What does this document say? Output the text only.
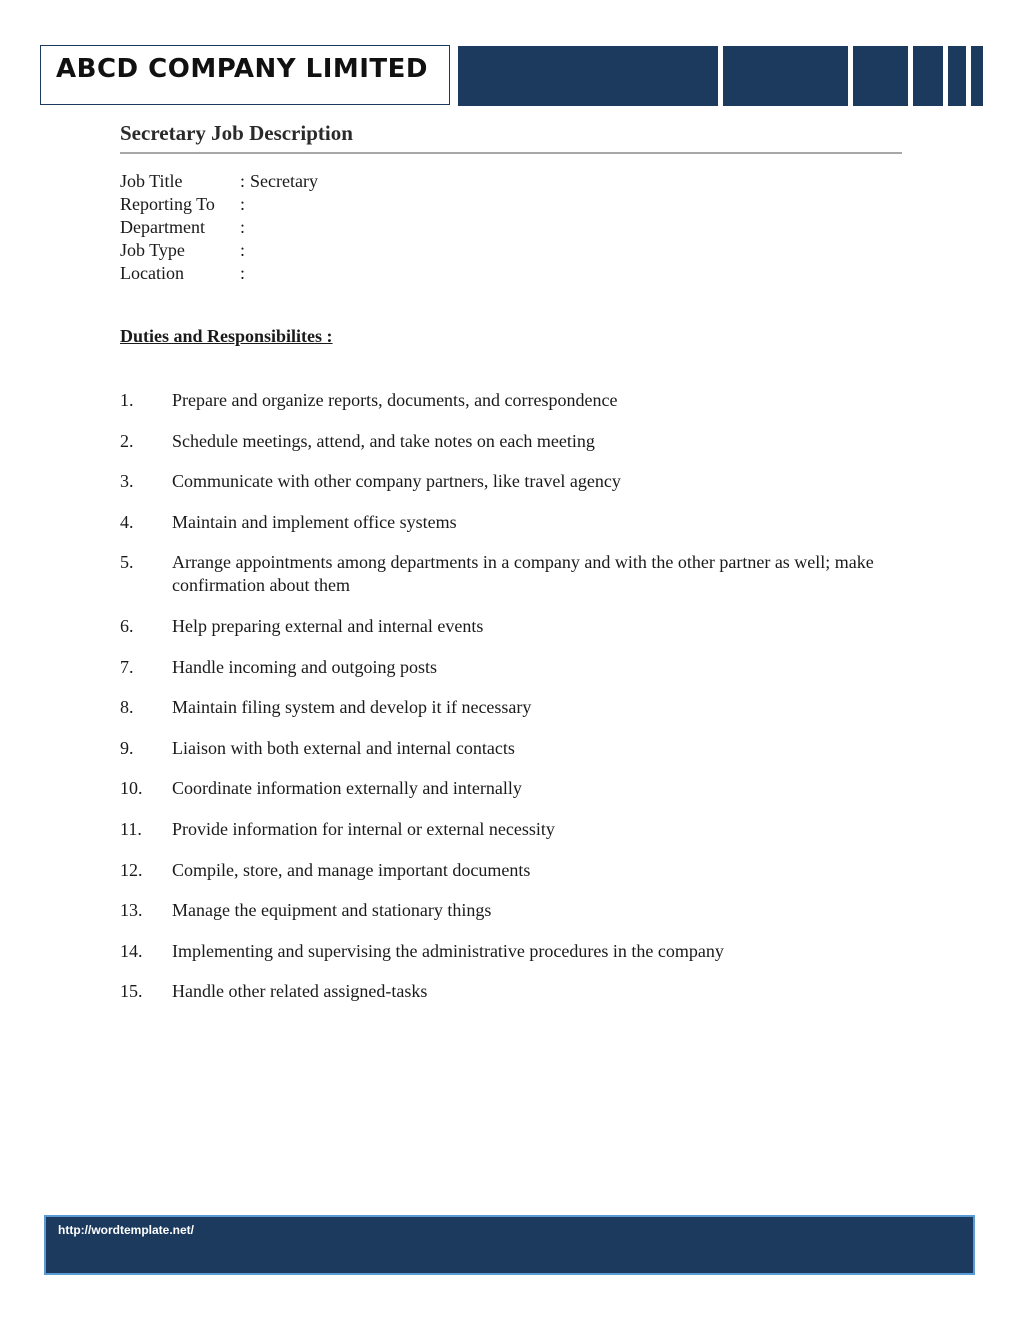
ABCD COMPANY LIMITED
Secretary Job Description
Job Title	: Secretary
Reporting To	:
Department	:
Job Type	:
Location	:
Duties and Responsibilites :
1.	Prepare and organize reports, documents, and correspondence
2.	Schedule meetings, attend, and take notes on each meeting
3.	Communicate with other company partners, like travel agency
4.	Maintain and implement office systems
5.	Arrange appointments among departments in a company and with the other partner as well; make confirmation about them
6.	Help preparing external and internal events
7.	Handle incoming and outgoing posts
8.	Maintain filing system and develop it if necessary
9.	Liaison with both external and internal contacts
10.	Coordinate information externally and internally
11.	Provide information for internal or external necessity
12.	Compile, store, and manage important documents
13.	Manage the equipment and stationary things
14.	Implementing and supervising the administrative procedures in the company
15.	Handle other related assigned-tasks
http://wordtemplate.net/
